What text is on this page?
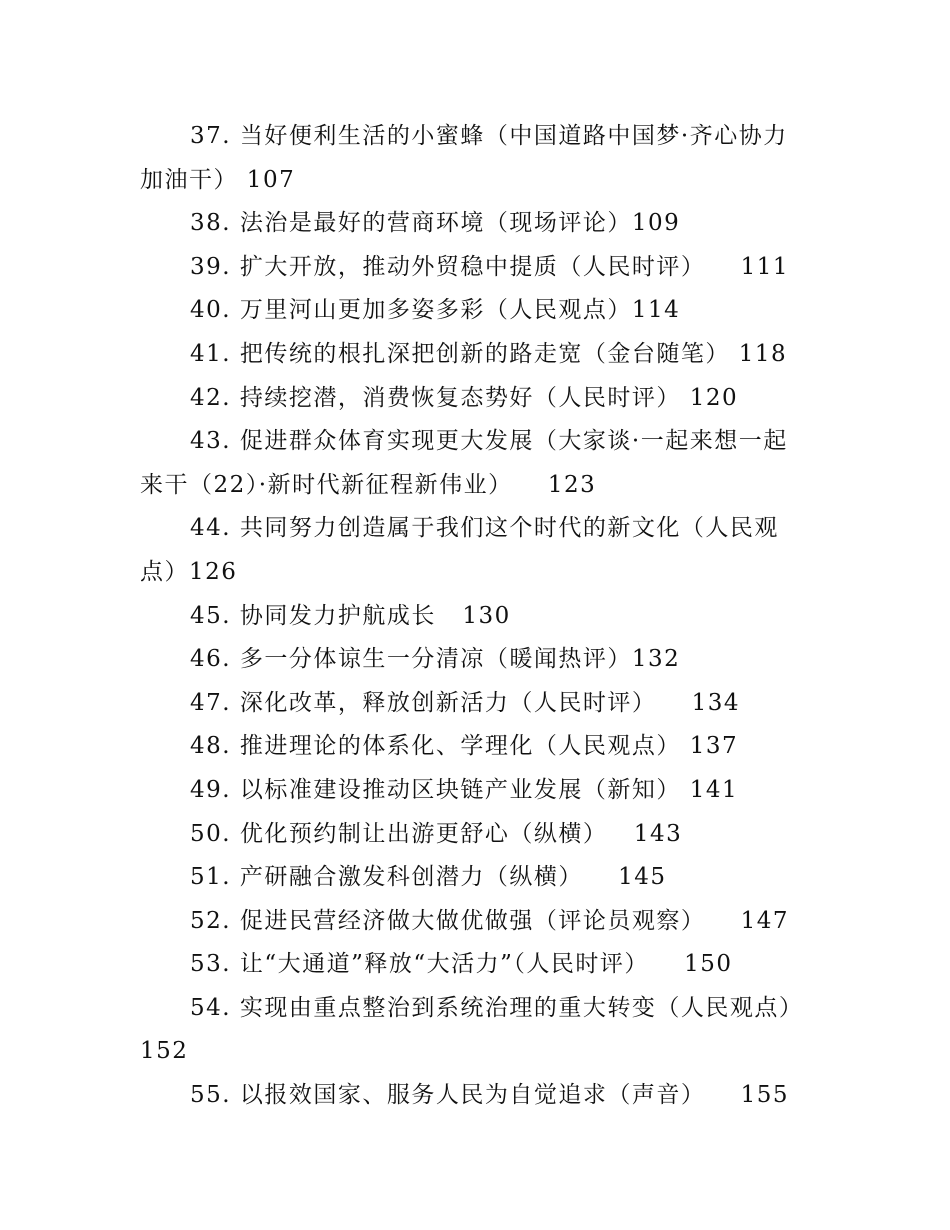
37. 当好便利生活的小蜜蜂（中国道路中国梦·齐心协力加油干） 107

38. 法治是最好的营商环境（现场评论）109

39. 扩大开放，推动外贸稳中提质（人民时评）    111

40. 万里河山更加多姿多彩（人民观点）114

41. 把传统的根扎深把创新的路走宽（金台随笔） 118

42. 持续挖潜，消费恢复态势好（人民时评） 120

43. 促进群众体育实现更大发展（大家谈·一起来想一起来干（22）·新时代新征程新伟业）    123

44. 共同努力创造属于我们这个时代的新文化（人民观点）126

45. 协同发力护航成长   130

46. 多一分体谅生一分清凉（暖闻热评）132

47. 深化改革，释放创新活力（人民时评）    134

48. 推进理论的体系化、学理化（人民观点） 137

49. 以标准建设推动区块链产业发展（新知） 141

50. 优化预约制让出游更舒心（纵横）   143

51. 产研融合激发科创潜力（纵横）    145

52. 促进民营经济做大做优做强（评论员观察）    147

53. 让“大通道”释放“大活力”（人民时评）    150

54. 实现由重点整治到系统治理的重大转变（人民观点）152

55. 以报效国家、服务人民为自觉追求（声音）    155
